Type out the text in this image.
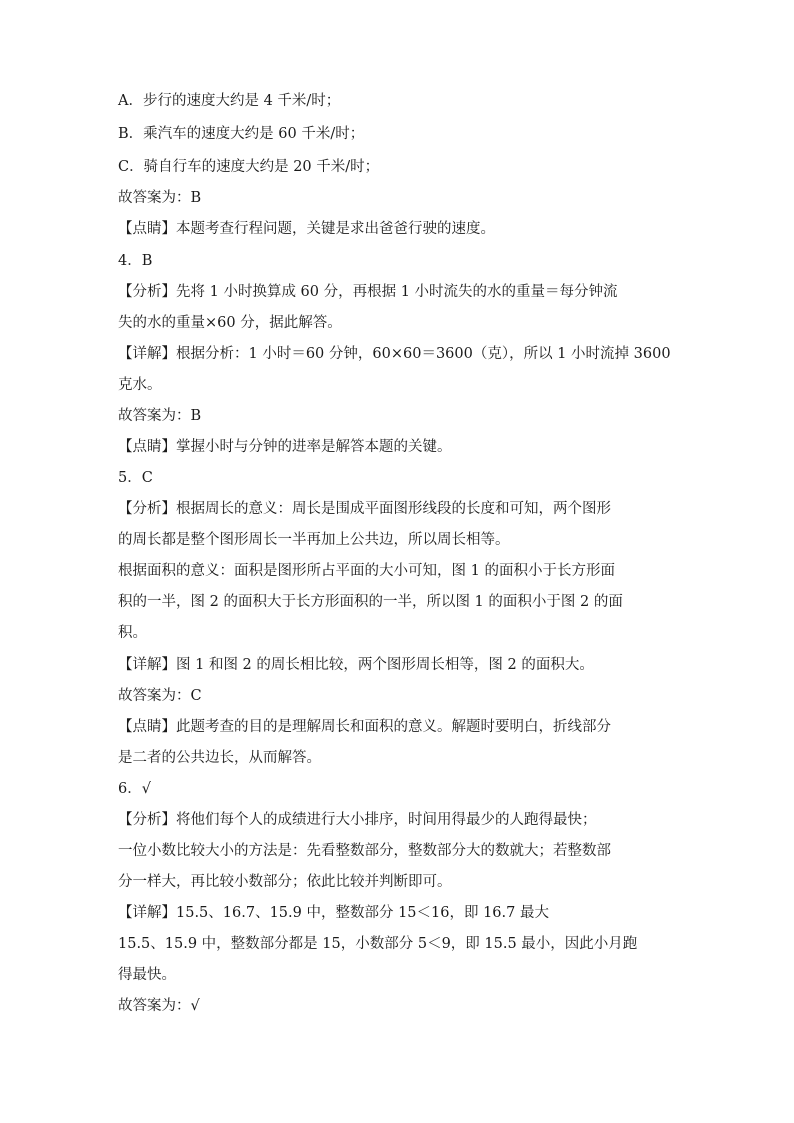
A．步行的速度大约是 4 千米/时；
B．乘汽车的速度大约是 60 千米/时；
C．骑自行车的速度大约是 20 千米/时；
故答案为：B
【点睛】本题考查行程问题，关键是求出爸爸行驶的速度。
4．B
【分析】先将 1 小时换算成 60 分，再根据 1 小时流失的水的重量＝每分钟流
失的水的重量×60 分，据此解答。
【详解】根据分析：1 小时＝60 分钟，60×60＝3600（克），所以 1 小时流掉 3600
克水。
故答案为：B
【点睛】掌握小时与分钟的进率是解答本题的关键。
5．C
【分析】根据周长的意义：周长是围成平面图形线段的长度和可知，两个图形
的周长都是整个图形周长一半再加上公共边，所以周长相等。
根据面积的意义：面积是图形所占平面的大小可知，图 1 的面积小于长方形面
积的一半，图 2 的面积大于长方形面积的一半，所以图 1 的面积小于图 2 的面
积。
【详解】图 1 和图 2 的周长相比较，两个图形周长相等，图 2 的面积大。
故答案为：C
【点睛】此题考查的目的是理解周长和面积的意义。解题时要明白，折线部分
是二者的公共边长，从而解答。
6．√
【分析】将他们每个人的成绩进行大小排序，时间用得最少的人跑得最快；
一位小数比较大小的方法是：先看整数部分，整数部分大的数就大；若整数部
分一样大，再比较小数部分；依此比较并判断即可。
【详解】15.5、16.7、15.9 中，整数部分 15＜16，即 16.7 最大
15.5、15.9 中，整数部分都是 15，小数部分 5＜9，即 15.5 最小，因此小月跑
得最快。
故答案为：√
